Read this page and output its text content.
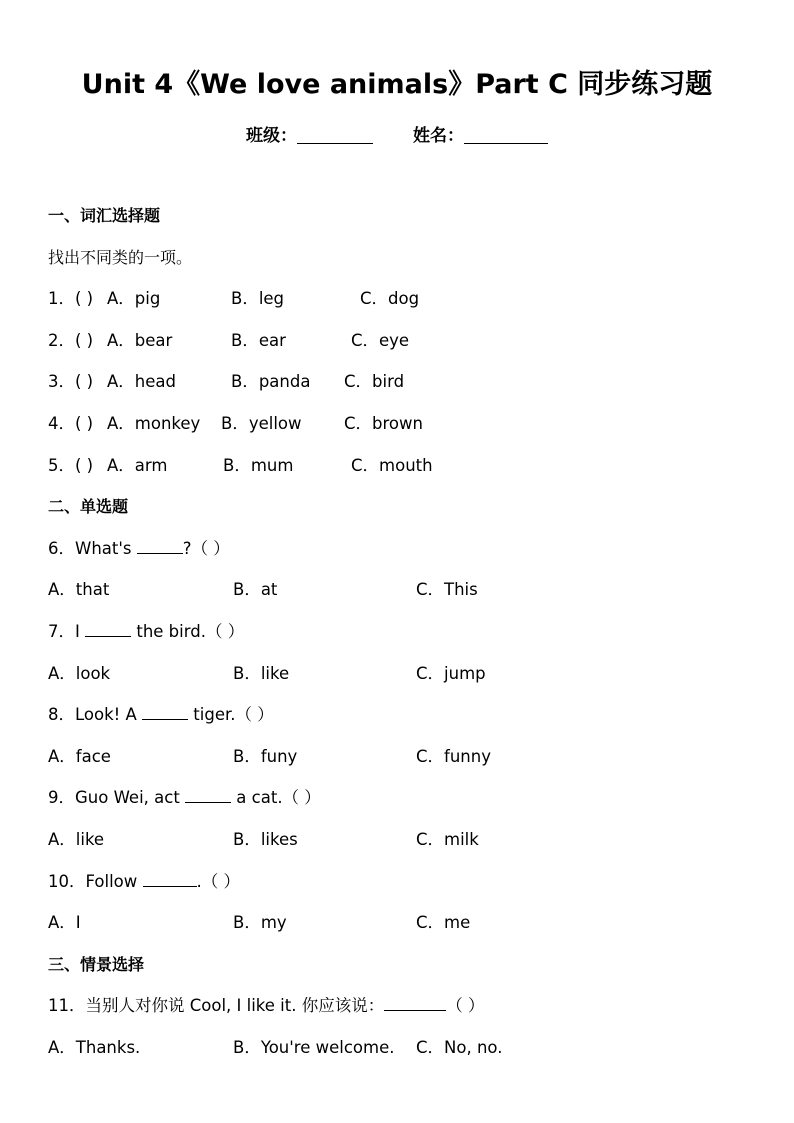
Unit 4《We love animals》Part C 同步练习题
班级：	姓名：
一、词汇选择题
找出不同类的一项。
1．( ) A．pig	B．leg	C．dog
2．( ) A．bear	B．ear	C．eye
3．( ) A．head	B．panda C．bird
4．( ) A．monkey B．yellow	C．brown
5．( ) A．arm	B．mum	C．mouth
二、单选题
6．What's	?（ ）
A．that	B．at	C．This
7．I	the bird.（ ）
A．look	B．like	C．jump
8．Look! A	tiger.（ ）
A．face	B．funy	C．funny
9．Guo Wei, act	a cat.（ ）
A．like	B．likes	C．milk
10．Follow	.（ ）
A．I	B．my	C．me
三、情景选择
11．当别人对你说 Cool, I like it. 你应该说：	（ ）
A．Thanks.	B．You're welcome. C．No, no.
